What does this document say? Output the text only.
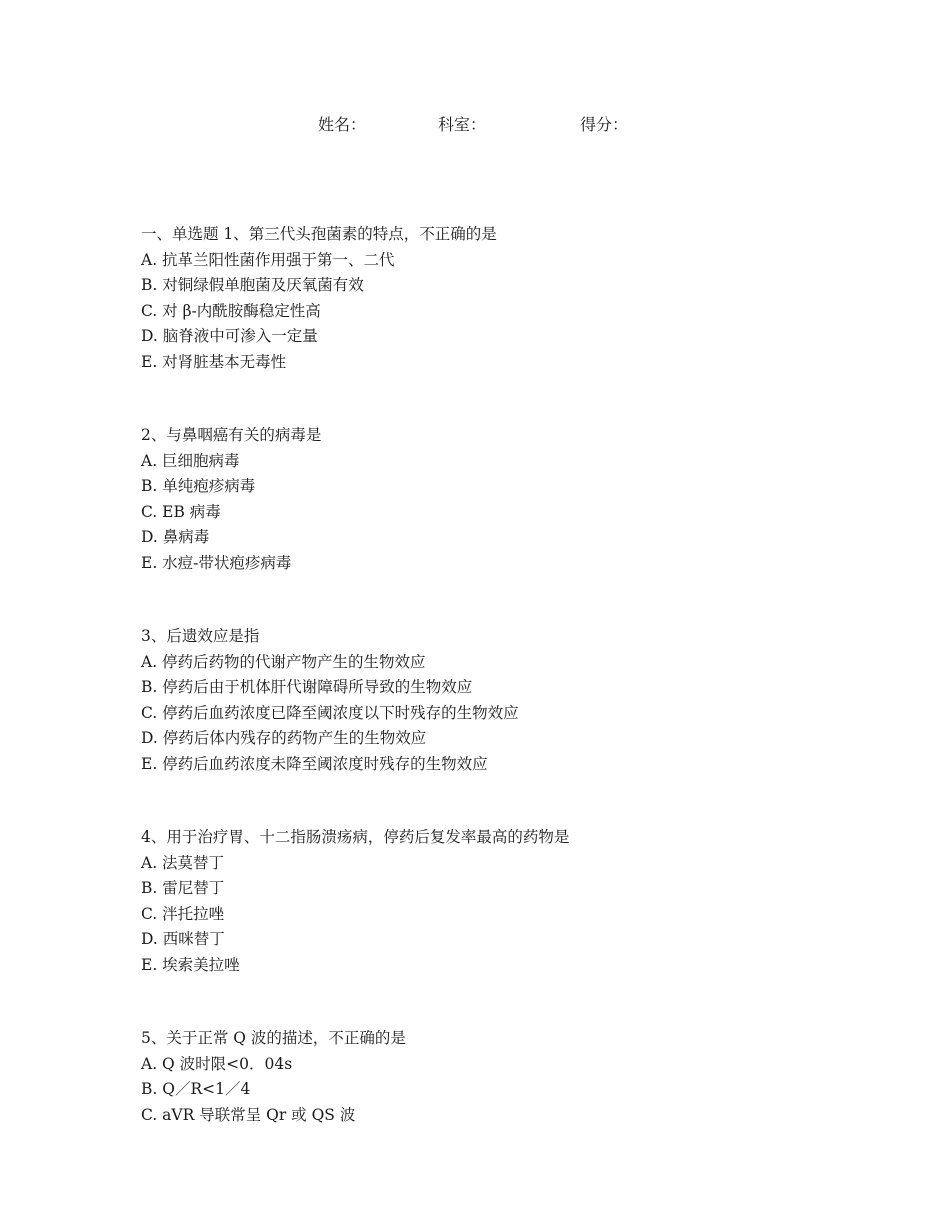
姓名：	科室：	得分：
一、单选题 1、第三代头孢菌素的特点，不正确的是
A. 抗革兰阳性菌作用强于第一、二代
B. 对铜绿假单胞菌及厌氧菌有效
C. 对 β-内酰胺酶稳定性高
D. 脑脊液中可渗入一定量
E. 对肾脏基本无毒性
2、与鼻咽癌有关的病毒是
A. 巨细胞病毒
B. 单纯疱疹病毒
C. EB 病毒
D. 鼻病毒
E. 水痘-带状疱疹病毒
3、后遗效应是指
A. 停药后药物的代谢产物产生的生物效应
B. 停药后由于机体肝代谢障碍所导致的生物效应
C. 停药后血药浓度已降至阈浓度以下时残存的生物效应
D. 停药后体内残存的药物产生的生物效应
E. 停药后血药浓度未降至阈浓度时残存的生物效应
4、用于治疗胃、十二指肠溃疡病，停药后复发率最高的药物是
A. 法莫替丁
B. 雷尼替丁
C. 泮托拉唑
D. 西咪替丁
E. 埃索美拉唑
5、关于正常 Q 波的描述，不正确的是
A. Q 波时限<0．04s
B. Q／R<1／4
C. aVR 导联常呈 Qr 或 QS 波
